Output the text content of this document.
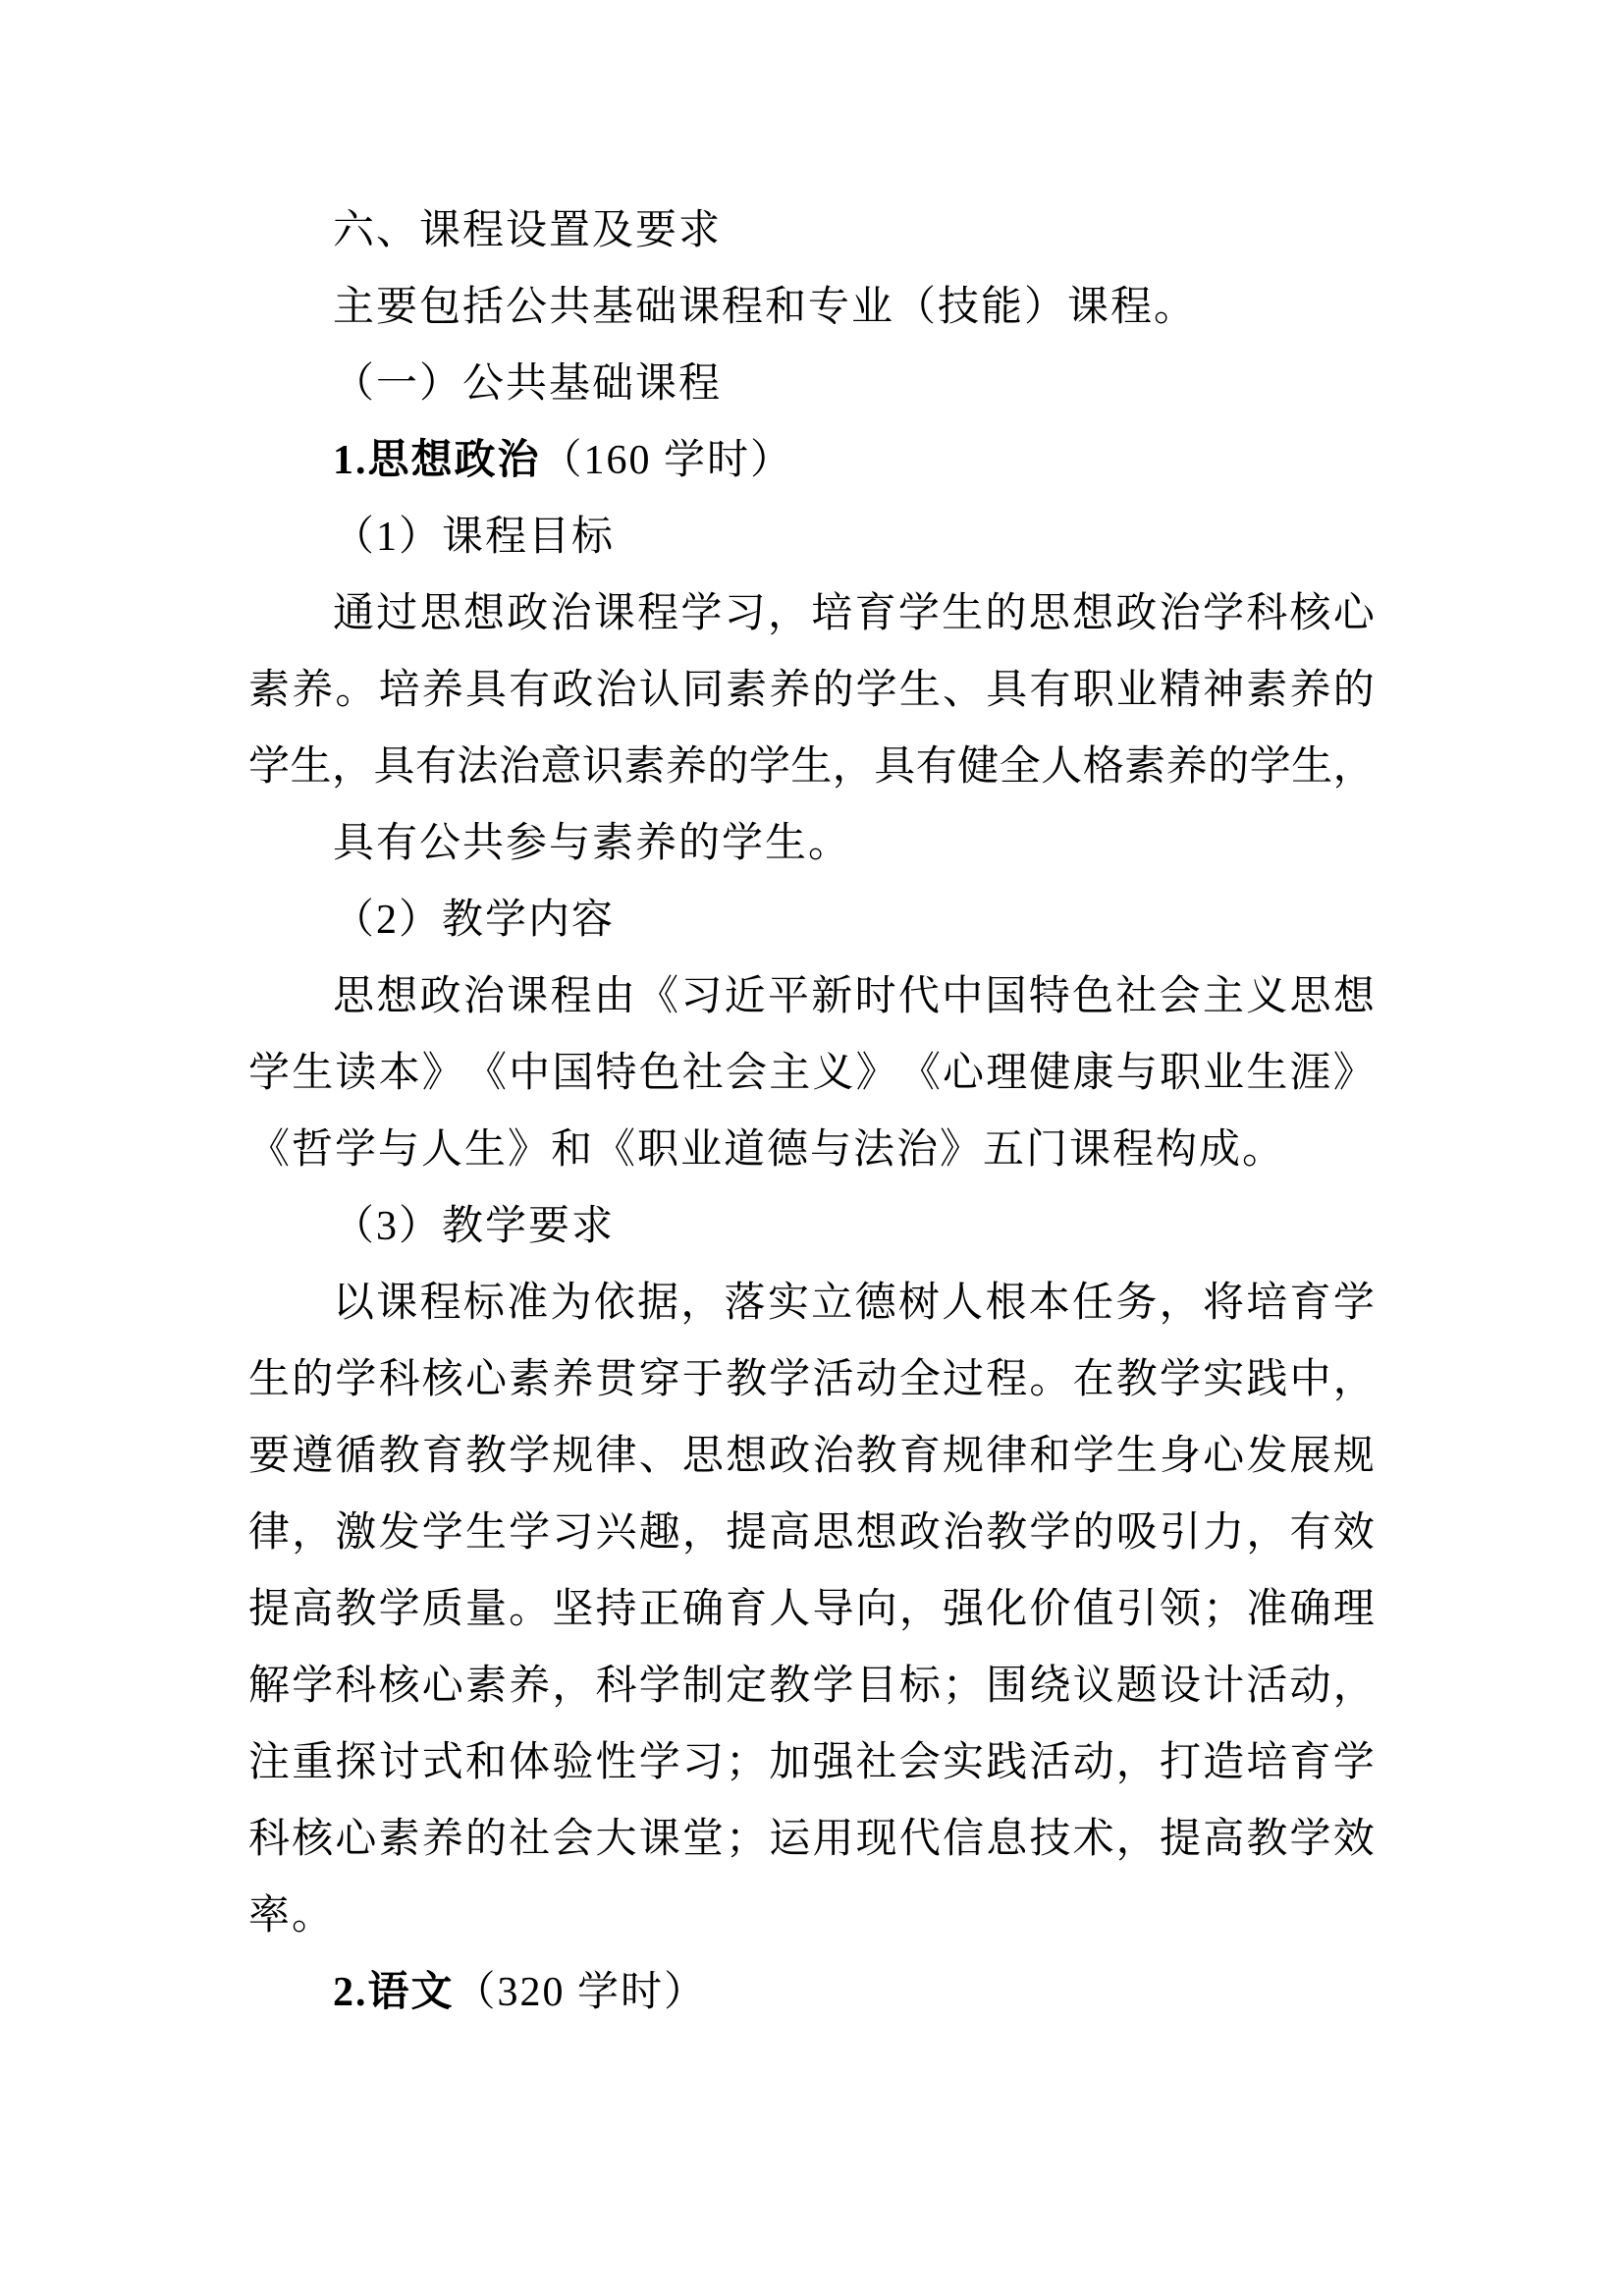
六、课程设置及要求
主要包括公共基础课程和专业（技能）课程。
（一）公共基础课程
1.思想政治（160 学时）
（1）课程目标
通 过 思 想 政 治 课 程 学 习 ， 培 育 学 生 的 思 想 政 治 学 科 核 心
素 养 。 培 养 具 有 政 治 认 同 素 养 的 学 生 、 具 有 职 业 精 神 素 养 的
学 生 ， 具 有 法 治 意 识 素 养 的 学 生 ， 具 有 健 全 人 格 素 养 的 学 生 ，
具有公共参与素养的学生。
（2）教学内容
思 想 政 治 课 程 由 《 习 近 平 新 时 代 中 国 特 色 社 会 主 义 思 想
学 生 读 本 》 《 中 国 特 色 社 会 主 义 》 《 心 理 健 康 与 职 业 生 涯 》
《哲学与人生》和《职业道德与法治》五门课程构成。
（3）教学要求
以 课 程 标 准 为 依 据 ， 落 实 立 德 树 人 根 本 任 务 ， 将 培 育 学
生 的 学 科 核 心 素 养 贯 穿 于 教 学 活 动 全 过 程 。 在 教 学 实 践 中 ，
要 遵 循 教 育 教 学 规 律 、 思 想 政 治 教 育 规 律 和 学 生 身 心 发 展 规
律 ， 激 发 学 生 学 习 兴 趣 ， 提 高 思 想 政 治 教 学 的 吸 引 力 ， 有 效
提 高 教 学 质 量 。 坚 持 正 确 育 人 导 向 ， 强 化 价 值 引 领 ； 准 确 理
解 学 科 核 心 素 养 ， 科 学 制 定 教 学 目 标 ； 围 绕 议 题 设 计 活 动 ，
注 重 探 讨 式 和 体 验 性 学 习 ； 加 强 社 会 实 践 活 动 ， 打 造 培 育 学
科 核 心 素 养 的 社 会 大 课 堂 ； 运 用 现 代 信 息 技 术 ， 提 高 教 学 效
率。
2.语文（320 学时）
